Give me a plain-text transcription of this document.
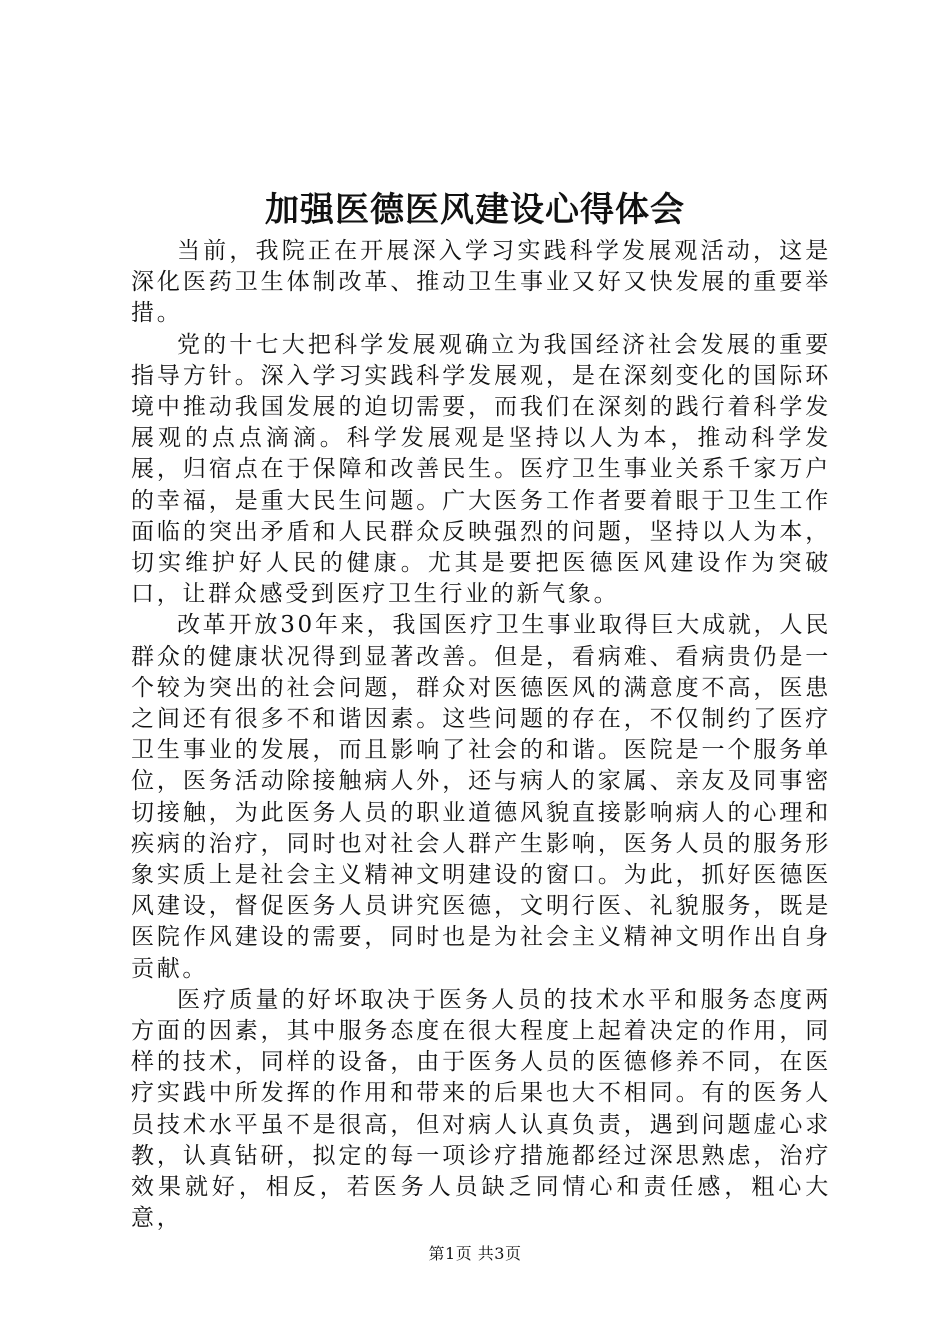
加强医德医风建设心得体会

当前，我院正在开展深入学习实践科学发展观活动，这是深化医药卫生体制改革、推动卫生事业又好又快发展的重要举措。

党的十七大把科学发展观确立为我国经济社会发展的重要指导方针。深入学习实践科学发展观，是在深刻变化的国际环境中推动我国发展的迫切需要，而我们在深刻的践行着科学发展观的点点滴滴。科学发展观是坚持以人为本，推动科学发展，归宿点在于保障和改善民生。医疗卫生事业关系千家万户的幸福，是重大民生问题。广大医务工作者要着眼于卫生工作面临的突出矛盾和人民群众反映强烈的问题，坚持以人为本，切实维护好人民的健康。尤其是要把医德医风建设作为突破口，让群众感受到医疗卫生行业的新气象。

改革开放30年来，我国医疗卫生事业取得巨大成就，人民群众的健康状况得到显著改善。但是，看病难、看病贵仍是一个较为突出的社会问题，群众对医德医风的满意度不高，医患之间还有很多不和谐因素。这些问题的存在，不仅制约了医疗卫生事业的发展，而且影响了社会的和谐。医院是一个服务单位，医务活动除接触病人外，还与病人的家属、亲友及同事密切接触，为此医务人员的职业道德风貌直接影响病人的心理和疾病的治疗，同时也对社会人群产生影响，医务人员的服务形象实质上是社会主义精神文明建设的窗口。为此，抓好医德医风建设，督促医务人员讲究医德，文明行医、礼貌服务，既是医院作风建设的需要，同时也是为社会主义精神文明作出自身贡献。

医疗质量的好坏取决于医务人员的技术水平和服务态度两方面的因素，其中服务态度在很大程度上起着决定的作用，同样的技术，同样的设备，由于医务人员的医德修养不同，在医疗实践中所发挥的作用和带来的后果也大不相同。有的医务人员技术水平虽不是很高，但对病人认真负责，遇到问题虚心求教，认真钻研，拟定的每一项诊疗措施都经过深思熟虑，治疗效果就好，相反，若医务人员缺乏同情心和责任感，粗心大意，

第1页 共3页
